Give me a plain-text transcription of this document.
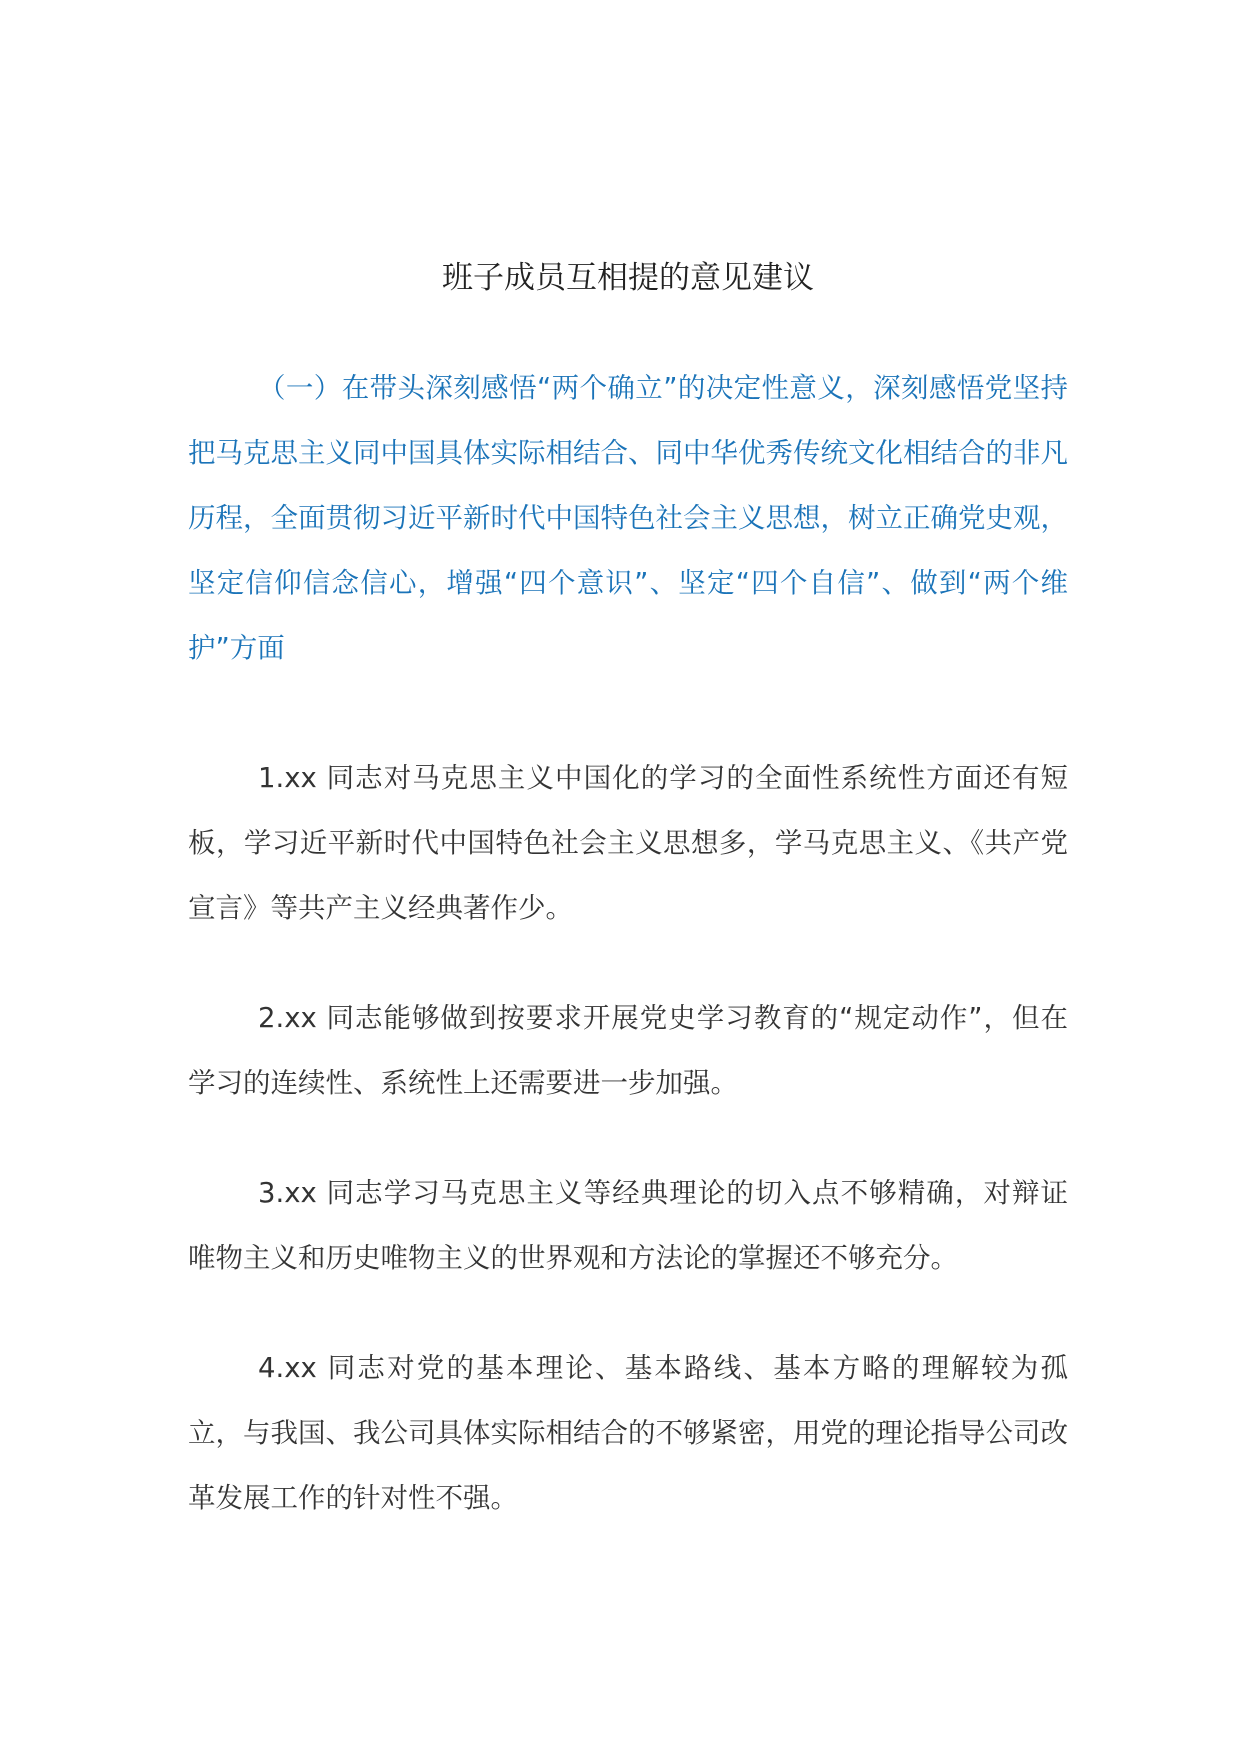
班子成员互相提的意见建议

（一）在带头深刻感悟“两个确立”的决定性意义，深刻感悟党坚持把马克思主义同中国具体实际相结合、同中华优秀传统文化相结合的非凡历程，全面贯彻习近平新时代中国特色社会主义思想，树立正确党史观，坚定信仰信念信心，增强“四个意识”、坚定“四个自信”、做到“两个维护”方面

1.xx 同志对马克思主义中国化的学习的全面性系统性方面还有短板，学习近平新时代中国特色社会主义思想多，学马克思主义、《共产党宣言》等共产主义经典著作少。

2.xx 同志能够做到按要求开展党史学习教育的“规定动作”，但在学习的连续性、系统性上还需要进一步加强。

3.xx 同志学习马克思主义等经典理论的切入点不够精确，对辩证唯物主义和历史唯物主义的世界观和方法论的掌握还不够充分。

4.xx 同志对党的基本理论、基本路线、基本方略的理解较为孤立，与我国、我公司具体实际相结合的不够紧密，用党的理论指导公司改革发展工作的针对性不强。
